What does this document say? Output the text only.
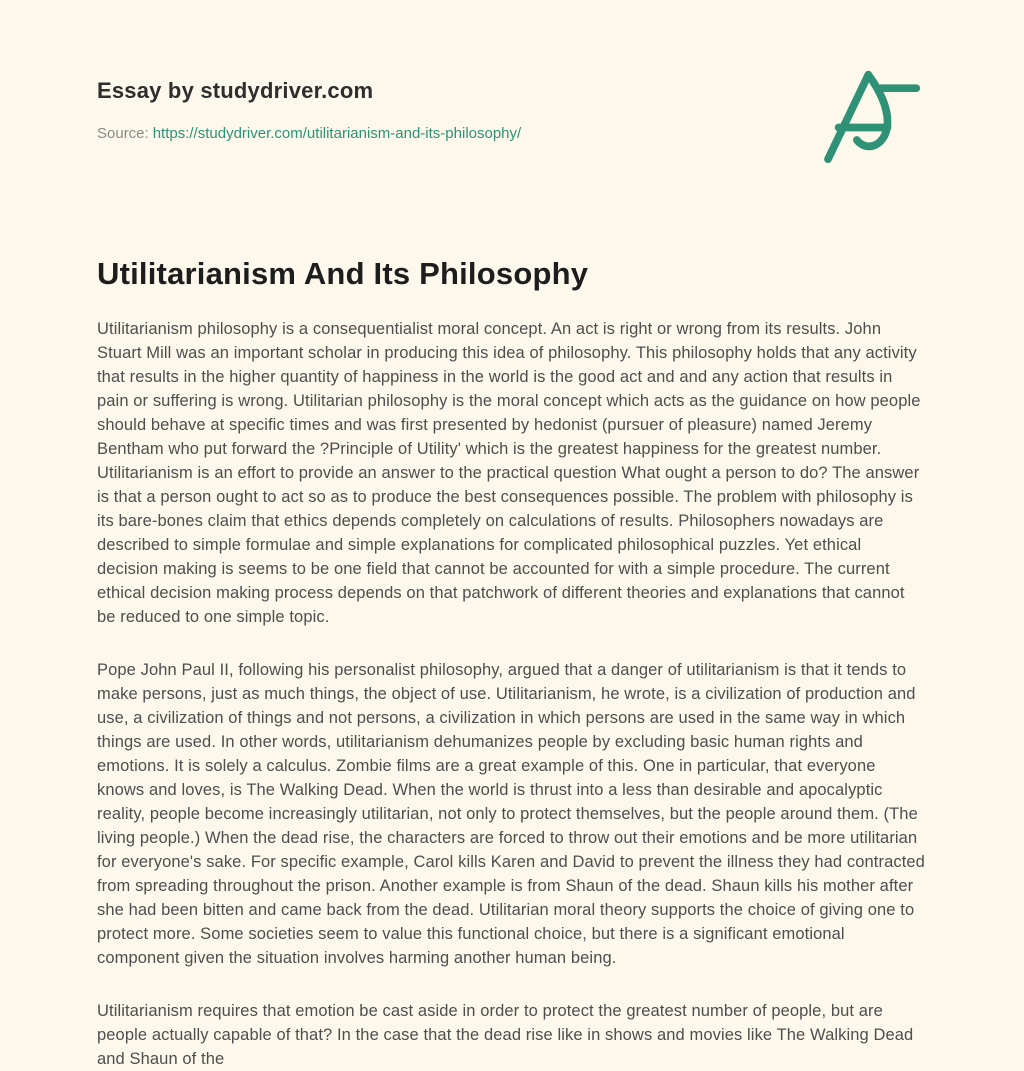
Essay by studydriver.com

Source: https://studydriver.com/utilitarianism-and-its-philosophy/

Utilitarianism And Its Philosophy

Utilitarianism philosophy is a consequentialist moral concept. An act is right or wrong from its results. John Stuart Mill was an important scholar in producing this idea of philosophy. This philosophy holds that any activity that results in the higher quantity of happiness in the world is the good act and and any action that results in pain or suffering is wrong. Utilitarian philosophy is the moral concept which acts as the guidance on how people should behave at specific times and was first presented by hedonist (pursuer of pleasure) named Jeremy Bentham who put forward the ?Principle of Utility' which is the greatest happiness for the greatest number. Utilitarianism is an effort to provide an answer to the practical question What ought a person to do? The answer is that a person ought to act so as to produce the best consequences possible. The problem with philosophy is its bare-bones claim that ethics depends completely on calculations of results. Philosophers nowadays are described to simple formulae and simple explanations for complicated philosophical puzzles. Yet ethical decision making is seems to be one field that cannot be accounted for with a simple procedure. The current ethical decision making process depends on that patchwork of different theories and explanations that cannot be reduced to one simple topic.

Pope John Paul II, following his personalist philosophy, argued that a danger of utilitarianism is that it tends to make persons, just as much things, the object of use. Utilitarianism, he wrote, is a civilization of production and use, a civilization of things and not persons, a civilization in which persons are used in the same way in which things are used. In other words, utilitarianism dehumanizes people by excluding basic human rights and emotions. It is solely a calculus. Zombie films are a great example of this. One in particular, that everyone knows and loves, is The Walking Dead. When the world is thrust into a less than desirable and apocalyptic reality, people become increasingly utilitarian, not only to protect themselves, but the people around them. (The living people.) When the dead rise, the characters are forced to throw out their emotions and be more utilitarian for everyone's sake. For specific example, Carol kills Karen and David to prevent the illness they had contracted from spreading throughout the prison. Another example is from Shaun of the dead. Shaun kills his mother after she had been bitten and came back from the dead. Utilitarian moral theory supports the choice of giving one to protect more. Some societies seem to value this functional choice, but there is a significant emotional component given the situation involves harming another human being.

Utilitarianism requires that emotion be cast aside in order to protect the greatest number of people, but are people actually capable of that? In the case that the dead rise like in shows and movies like The Walking Dead and Shaun of the
